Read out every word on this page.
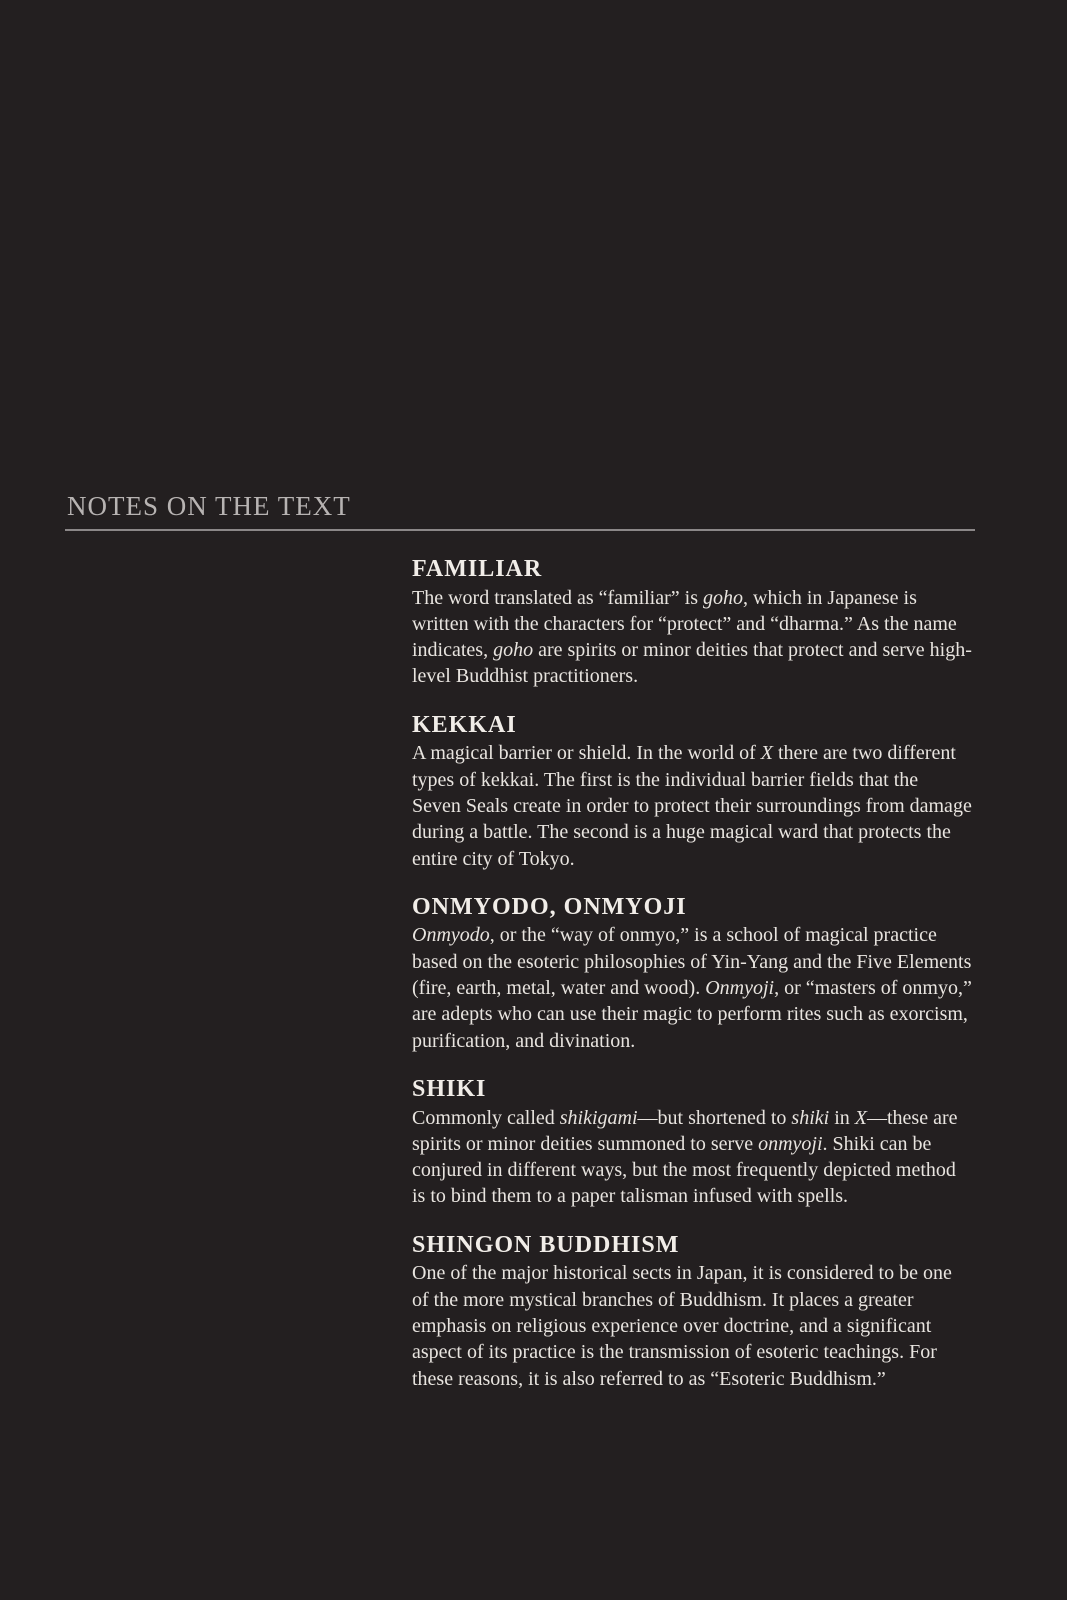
NOTES ON THE TEXT
FAMILIAR

The word translated as “familiar” is goho, which in Japanese is written with the characters for “protect” and “dharma.” As the name indicates, goho are spirits or minor deities that protect and serve high-level Buddhist practitioners.

KEKKAI

A magical barrier or shield. In the world of X there are two different types of kekkai. The first is the individual barrier fields that the Seven Seals create in order to protect their surroundings from damage during a battle. The second is a huge magical ward that protects the entire city of Tokyo.

ONMYODO, ONMYOJI

Onmyodo, or the “way of onmyo,” is a school of magical practice based on the esoteric philosophies of Yin-Yang and the Five Elements (fire, earth, metal, water and wood). Onmyoji, or “masters of onmyo,” are adepts who can use their magic to perform rites such as exorcism, purification, and divination.

SHIKI

Commonly called shikigami—but shortened to shiki in X—these are spirits or minor deities summoned to serve onmyoji. Shiki can be conjured in different ways, but the most frequently depicted method is to bind them to a paper talisman infused with spells.

SHINGON BUDDHISM

One of the major historical sects in Japan, it is considered to be one of the more mystical branches of Buddhism. It places a greater emphasis on religious experience over doctrine, and a significant aspect of its practice is the transmission of esoteric teachings. For these reasons, it is also referred to as “Esoteric Buddhism.”
